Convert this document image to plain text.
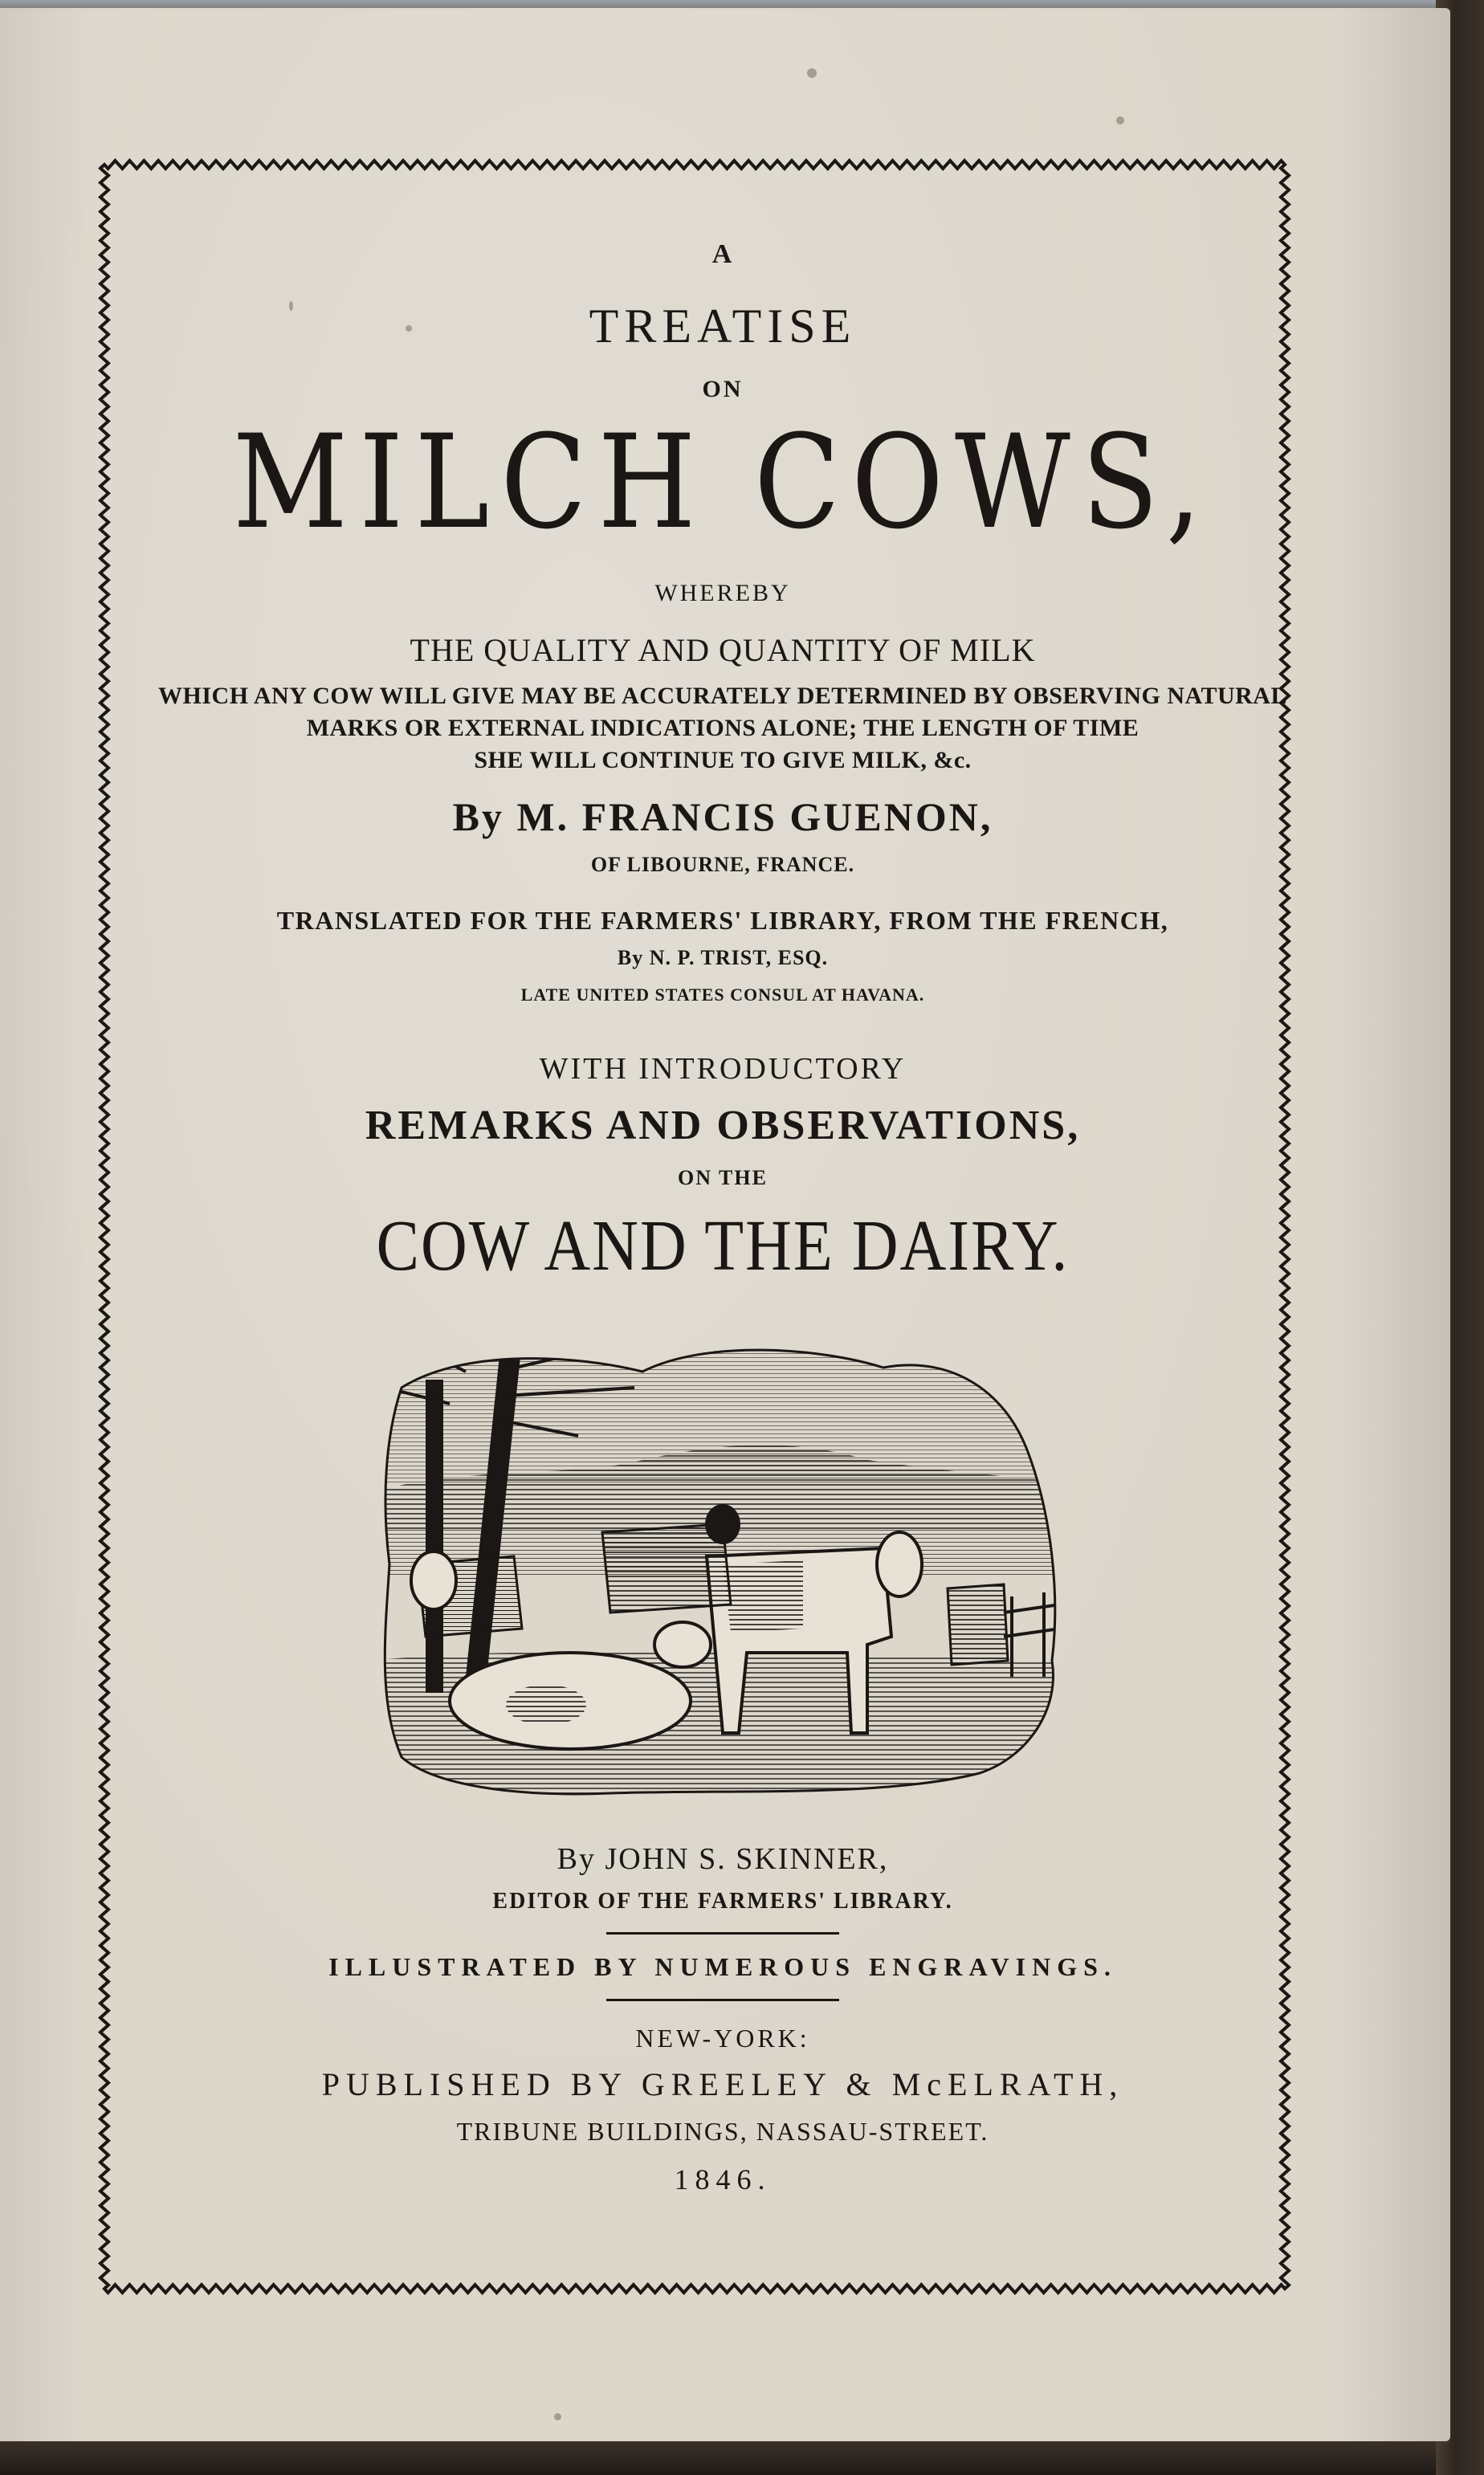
A
TREATISE
ON
MILCH COWS,
WHEREBY
THE QUALITY AND QUANTITY OF MILK
WHICH ANY COW WILL GIVE MAY BE ACCURATELY DETERMINED BY OBSERVING NATURAL
MARKS OR EXTERNAL INDICATIONS ALONE; THE LENGTH OF TIME
SHE WILL CONTINUE TO GIVE MILK, &c.
By M. FRANCIS GUENON,
OF LIBOURNE, FRANCE.
TRANSLATED FOR THE FARMERS' LIBRARY, FROM THE FRENCH,
By N. P. TRIST, ESQ.
LATE UNITED STATES CONSUL AT HAVANA.
WITH INTRODUCTORY
REMARKS AND OBSERVATIONS,
ON THE
COW AND THE DAIRY.
By JOHN S. SKINNER,
EDITOR OF THE FARMERS' LIBRARY.
ILLUSTRATED BY NUMEROUS ENGRAVINGS.
NEW-YORK:
PUBLISHED BY GREELEY & McELRATH,
TRIBUNE BUILDINGS, NASSAU-STREET.
1846.
